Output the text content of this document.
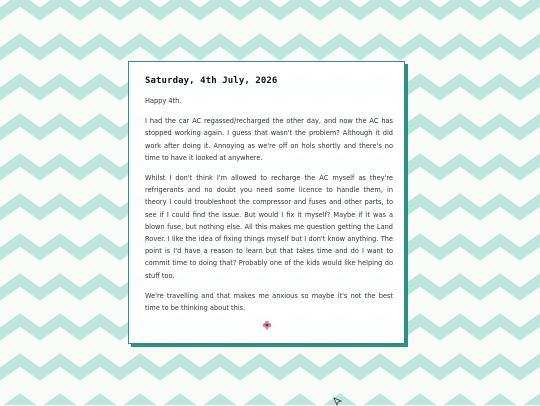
Saturday, 4th July, 2026

Happy 4th.

I had the car AC regassed/recharged the other day, and now the AC has stopped working again. I guess that wasn't the problem? Although it did work after doing it. Annoying as we're off on hols shortly and there's no time to have it looked at anywhere.

Whilst I don't think I'm allowed to recharge the AC myself as they're refrigerants and no doubt you need some licence to handle them, in theory I could troubleshoot the compressor and fuses and other parts, to see if I could find the issue. But would I fix it myself? Maybe if it was a blown fuse, but nothing else. All this makes me question getting the Land Rover. I like the idea of fixing things myself but I don't know anything. The point is I'd have a reason to learn but that takes time and do I want to commit time to doing that? Probably one of the kids would like helping do stuff too.

We're travelling and that makes me anxious so maybe it's not the best time to be thinking about this.
